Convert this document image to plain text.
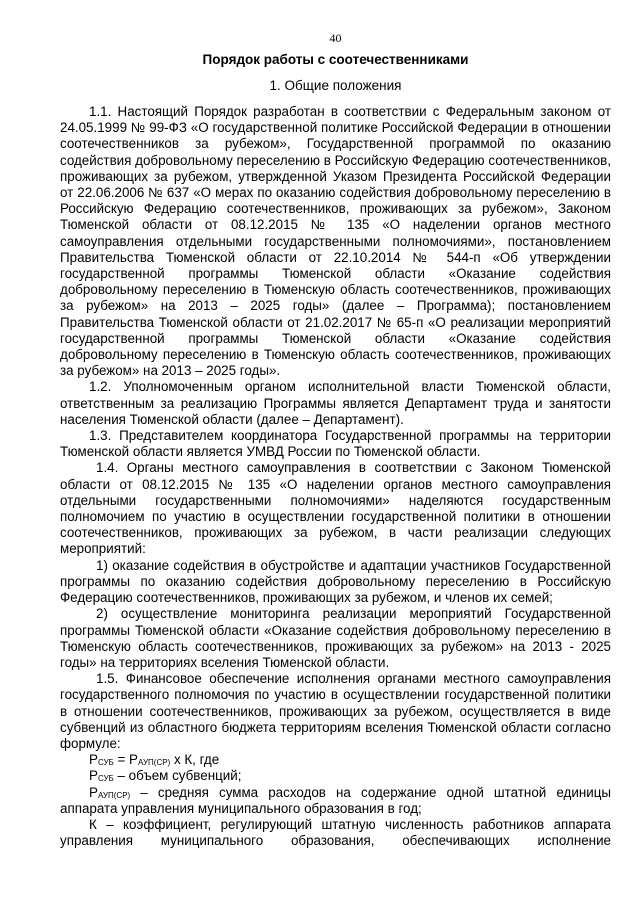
40
Порядок работы с соотечественниками
1. Общие положения

1.1. Настоящий Порядок разработан в соответствии с Федеральным законом от 24.05.1999 № 99-ФЗ «О государственной политике Российской Федерации в отношении соотечественников за рубежом», Государственной программой по оказанию содействия добровольному переселению в Российскую Федерацию соотечественников, проживающих за рубежом, утвержденной Указом Президента Российской Федерации от 22.06.2006 № 637 «О мерах по оказанию содействия добровольному переселению в Российскую Федерацию соотечественников, проживающих за рубежом», Законом Тюменской области от 08.12.2015 № 135 «О наделении органов местного самоуправления отдельными государственными полномочиями», постановлением Правительства Тюменской области от 22.10.2014 № 544-п «Об утверждении государственной программы Тюменской области «Оказание содействия добровольному переселению в Тюменскую область соотечественников, проживающих за рубежом» на 2013 – 2025 годы» (далее – Программа); постановлением Правительства Тюменской области от 21.02.2017 № 65-п «О реализации мероприятий государственной программы Тюменской области «Оказание содействия добровольному переселению в Тюменскую область соотечественников, проживающих за рубежом» на 2013 – 2025 годы».

1.2. Уполномоченным органом исполнительной власти Тюменской области, ответственным за реализацию Программы является Департамент труда и занятости населения Тюменской области (далее – Департамент).

1.3. Представителем координатора Государственной программы на территории Тюменской области является УМВД России по Тюменской области.

1.4. Органы местного самоуправления в соответствии с Законом Тюменской области от 08.12.2015 № 135 «О наделении органов местного самоуправления отдельными государственными полномочиями» наделяются государственным полномочием по участию в осуществлении государственной политики в отношении соотечественников, проживающих за рубежом, в части реализации следующих мероприятий:

1) оказание содействия в обустройстве и адаптации участников Государственной программы по оказанию содействия добровольному переселению в Российскую Федерацию соотечественников, проживающих за рубежом, и членов их семей;

2) осуществление мониторинга реализации мероприятий Государственной программы Тюменской области «Оказание содействия добровольному переселению в Тюменскую область соотечественников, проживающих за рубежом» на 2013 - 2025 годы» на территориях вселения Тюменской области.

1.5. Финансовое обеспечение исполнения органами местного самоуправления государственного полномочия по участию в осуществлении государственной политики в отношении соотечественников, проживающих за рубежом, осуществляется в виде субвенций из областного бюджета территориям вселения Тюменской области согласно формуле:

$Р_{СУБ} = Р_{АУП(СР)}$ х К, где

$Р_{СУБ}$ – объем субвенций;

$Р_{АУП(СР)}$ – средняя сумма расходов на содержание одной штатной единицы аппарата управления муниципального образования в год;

К – коэффициент, регулирующий штатную численность работников аппарата управления муниципального образования, обеспечивающих исполнение
